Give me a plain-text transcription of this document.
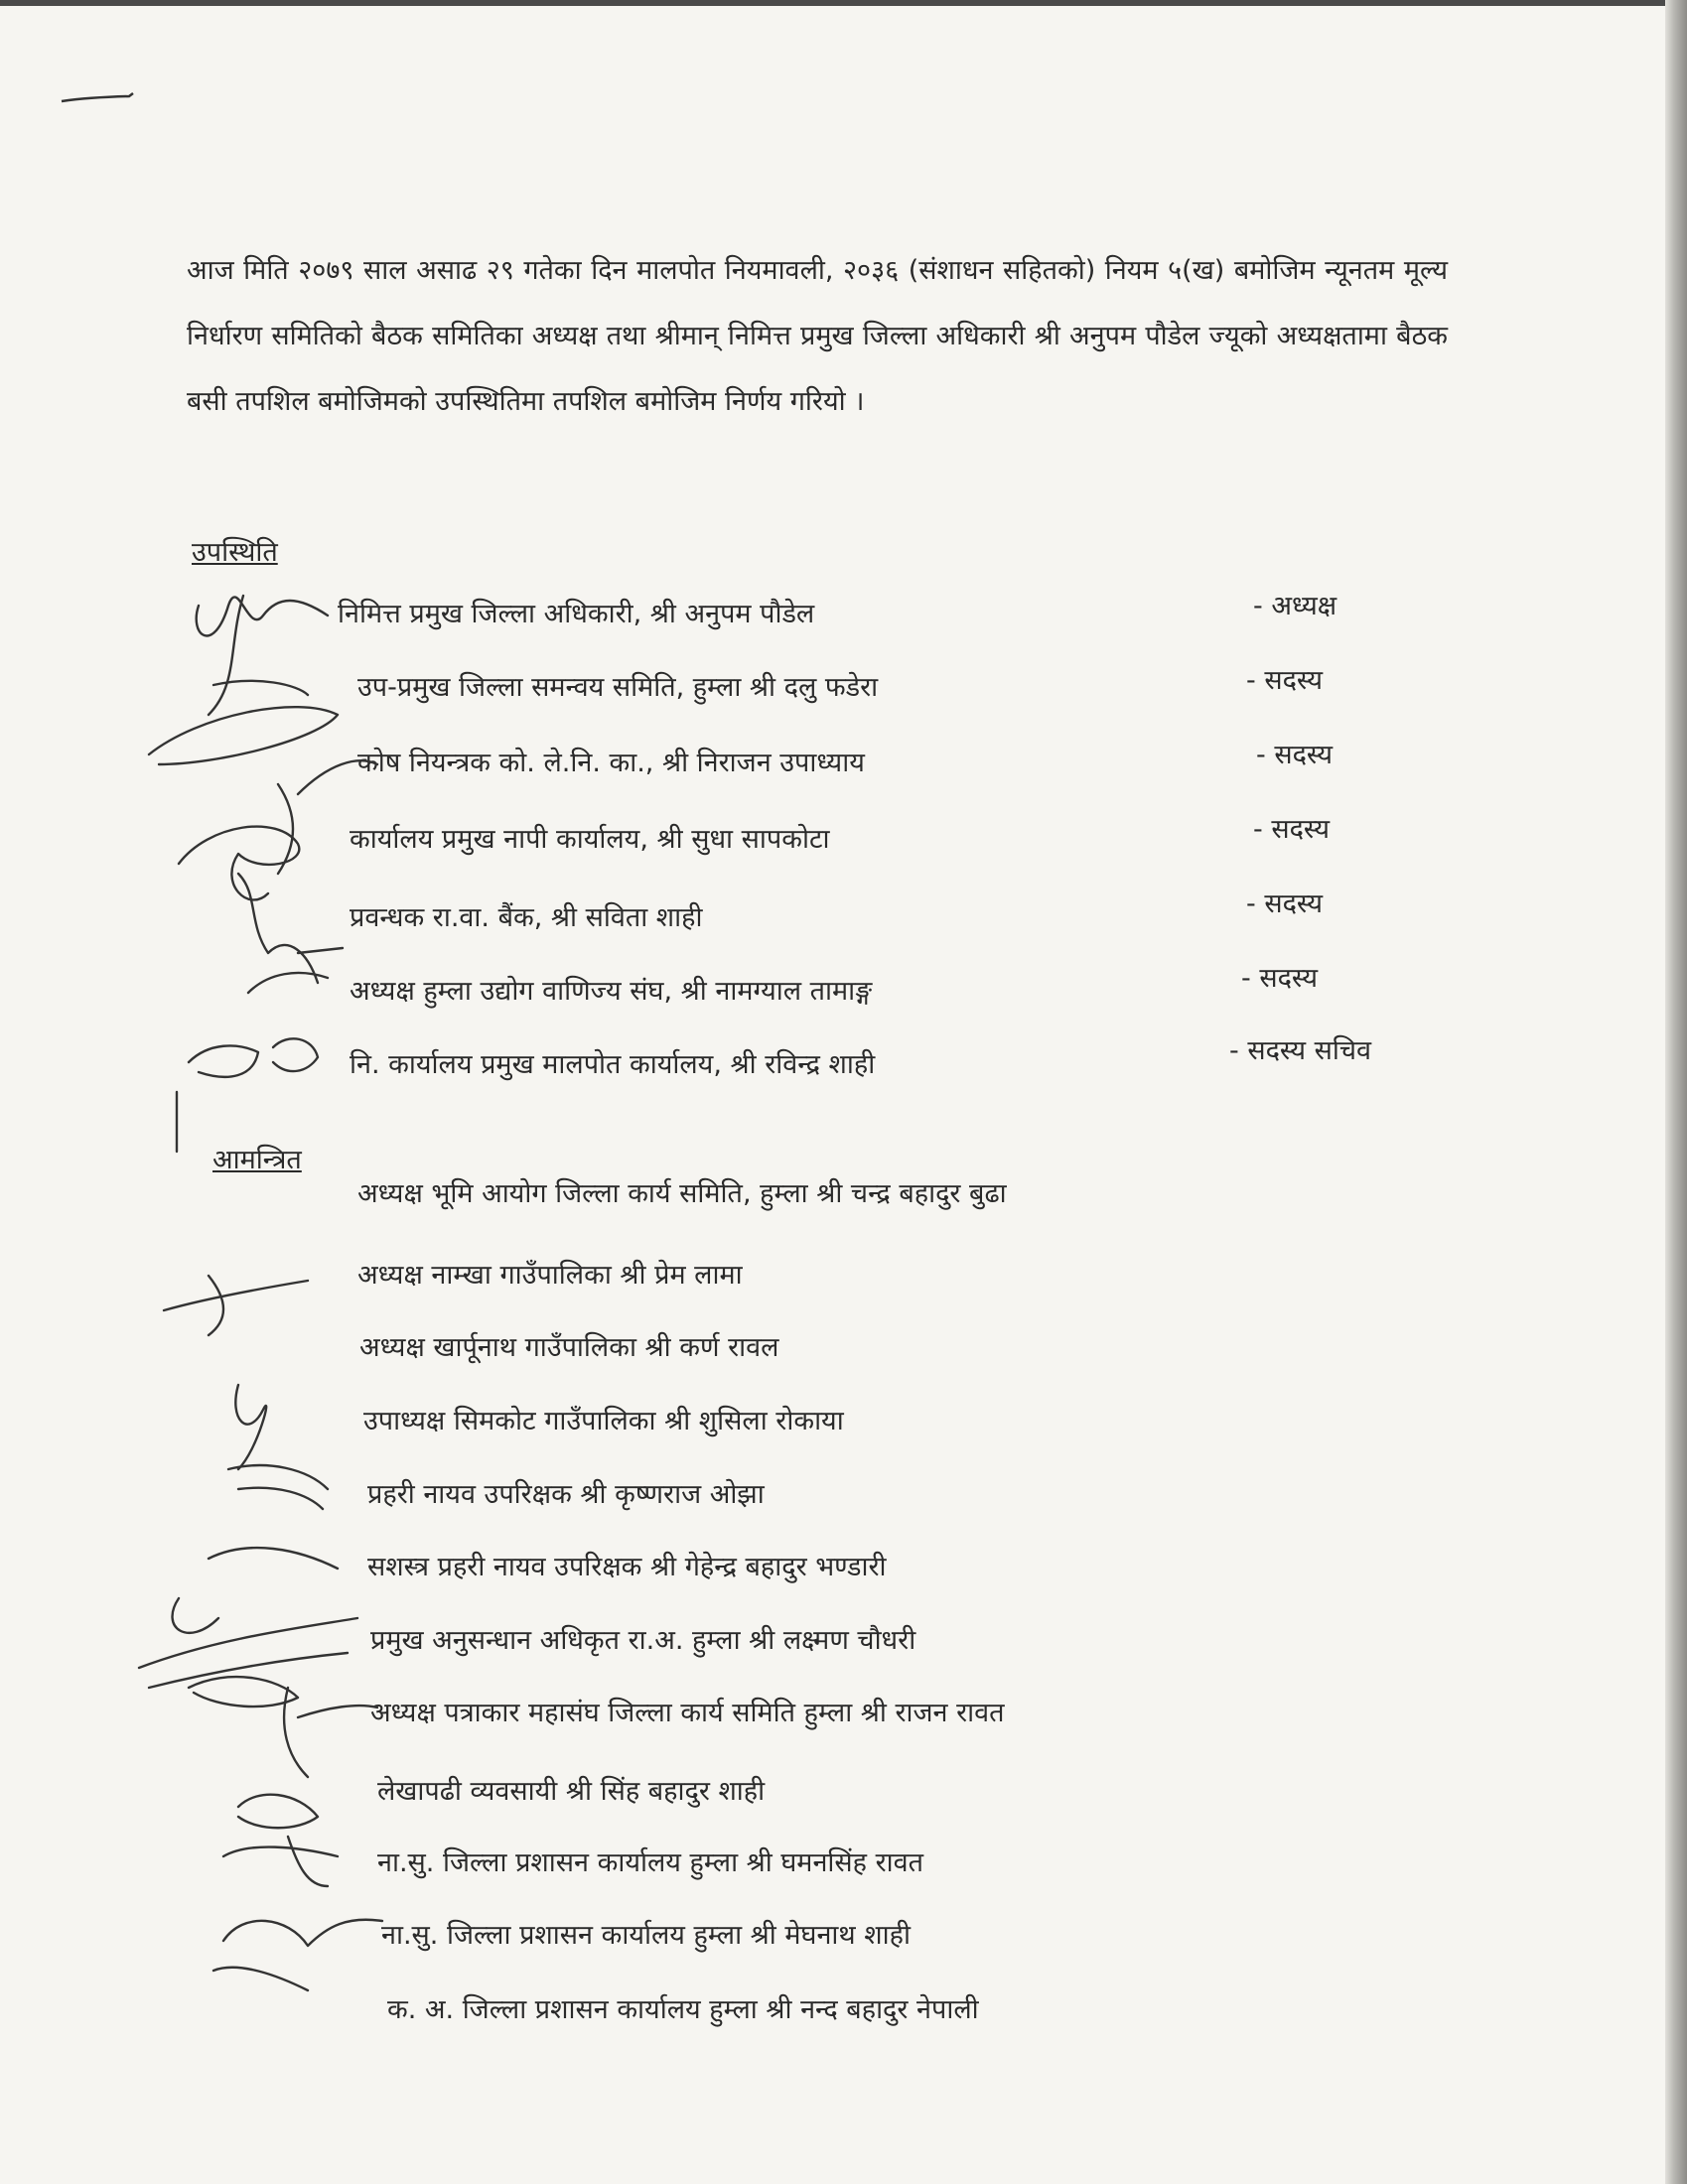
आज मिति २०७९ साल असाढ २९ गतेका दिन मालपोत नियमावली, २०३६ (संशाधन सहितको) नियम ५(ख) बमोजिम न्यूनतम मूल्य निर्धारण समितिको बैठक समितिका अध्यक्ष तथा श्रीमान् निमित्त प्रमुख जिल्ला अधिकारी श्री अनुपम पौडेल ज्यूको अध्यक्षतामा बैठक बसी तपशिल बमोजिमको उपस्थितिमा तपशिल बमोजिम निर्णय गरियो ।

उपस्थिति

निमित्त प्रमुख जिल्ला अधिकारी, श्री अनुपम पौडेल	- अध्यक्ष

उप-प्रमुख जिल्ला समन्वय समिति, हुम्ला श्री दलु फडेरा	- सदस्य

कोष नियन्त्रक को. ले.नि. का., श्री निराजन उपाध्याय	- सदस्य

कार्यालय प्रमुख नापी कार्यालय, श्री सुधा सापकोटा	- सदस्य

प्रवन्धक रा.वा. बैंक, श्री सविता शाही	- सदस्य

अध्यक्ष हुम्ला उद्योग वाणिज्य संघ, श्री नामग्याल तामाङ्ग	- सदस्य

नि. कार्यालय प्रमुख मालपोत कार्यालय, श्री रविन्द्र शाही	- सदस्य सचिव

आमन्त्रित

अध्यक्ष भूमि आयोग जिल्ला कार्य समिति, हुम्ला श्री चन्द्र बहादुर बुढा

अध्यक्ष नाम्खा गाउँपालिका श्री प्रेम लामा

अध्यक्ष खार्पूनाथ गाउँपालिका श्री कर्ण रावल

उपाध्यक्ष सिमकोट गाउँपालिका श्री शुसिला रोकाया

प्रहरी नायव उपरिक्षक श्री कृष्णराज ओझा

सशस्त्र प्रहरी नायव उपरिक्षक श्री गेहेन्द्र बहादुर भण्डारी

प्रमुख अनुसन्धान अधिकृत रा.अ. हुम्ला श्री लक्ष्मण चौधरी

अध्यक्ष पत्राकार महासंघ जिल्ला कार्य समिति हुम्ला श्री राजन रावत

लेखापढी व्यवसायी श्री सिंह बहादुर शाही

ना.सु. जिल्ला प्रशासन कार्यालय हुम्ला श्री घमनसिंह रावत

ना.सु. जिल्ला प्रशासन कार्यालय हुम्ला श्री मेघनाथ शाही

क. अ. जिल्ला प्रशासन कार्यालय हुम्ला श्री नन्द बहादुर नेपाली
